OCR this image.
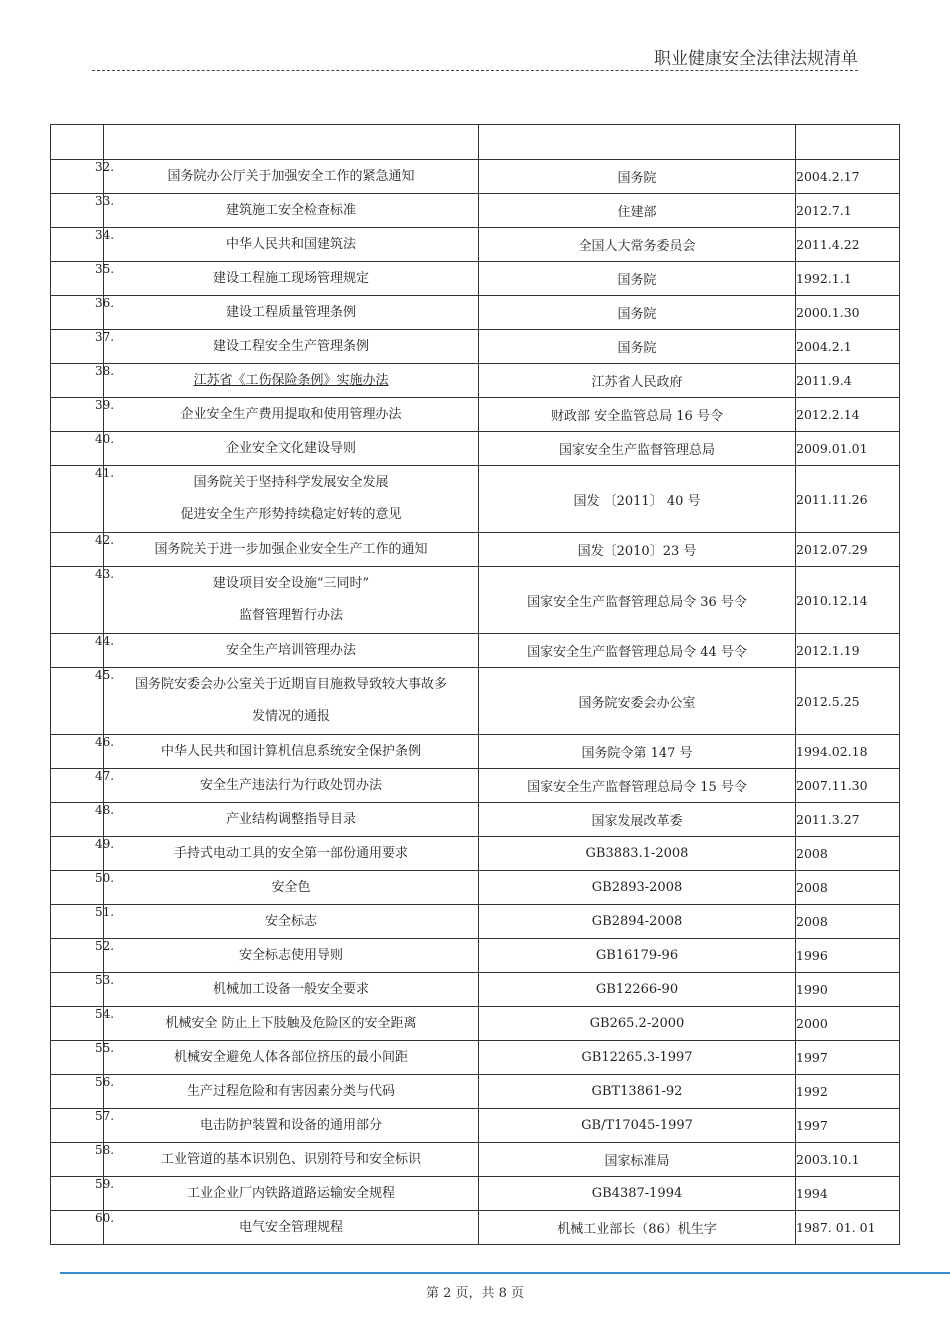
职业健康安全法律法规清单

32.	国务院办公厅关于加强安全工作的紧急通知	国务院	2004.2.17

33.	建筑施工安全检查标准	住建部	2012.7.1

34.	中华人民共和国建筑法	全国人大常务委员会	2011.4.22

35.	建设工程施工现场管理规定	国务院	1992.1.1

36.	建设工程质量管理条例	国务院	2000.1.30

37.	建设工程安全生产管理条例	国务院	2004.2.1

38.	江苏省《工伤保险条例》实施办法	江苏省人民政府	2011.9.4

39.	企业安全生产费用提取和使用管理办法	财政部 安全监管总局 16 号令	2012.2.14

40.	企业安全文化建设导则	国家安全生产监督管理总局	2009.01.01

41.	国务院关于坚持科学发展安全发展
促进安全生产形势持续稳定好转的意见	国发 〔2011〕 40 号	2011.11.26

42.	国务院关于进一步加强企业安全生产工作的通知	国发〔2010〕23 号	2012.07.29

43.	建设项目安全设施“三同时”
监督管理暂行办法	国家安全生产监督管理总局令 36 号令	2010.12.14

44.	安全生产培训管理办法	国家安全生产监督管理总局令 44 号令	2012.1.19

45.	国务院安委会办公室关于近期盲目施救导致较大事故多
发情况的通报	国务院安委会办公室	2012.5.25

46.	中华人民共和国计算机信息系统安全保护条例	国务院令第 147 号	1994.02.18

47.	安全生产违法行为行政处罚办法	国家安全生产监督管理总局令 15 号令	2007.11.30

48.	产业结构调整指导目录	国家发展改革委	2011.3.27

49.	手持式电动工具的安全第一部份通用要求	GB3883.1-2008	2008

50.	安全色	GB2893-2008	2008

51.	安全标志	GB2894-2008	2008

52.	安全标志使用导则	GB16179-96	1996

53.	机械加工设备一般安全要求	GB12266-90	1990

54.	机械安全 防止上下肢触及危险区的安全距离	GB265.2-2000	2000

55.	机械安全避免人体各部位挤压的最小间距	GB12265.3-1997	1997

56.	生产过程危险和有害因素分类与代码	GBT13861-92	1992

57.	电击防护装置和设备的通用部分	GB/T17045-1997	1997

58.	工业管道的基本识别色、识别符号和安全标识	国家标准局	2003.10.1

59.	工业企业厂内铁路道路运输安全规程	GB4387-1994	1994

60.	电气安全管理规程	机械工业部长（86）机生字	1987. 01. 01
第 2 页，共 8 页
